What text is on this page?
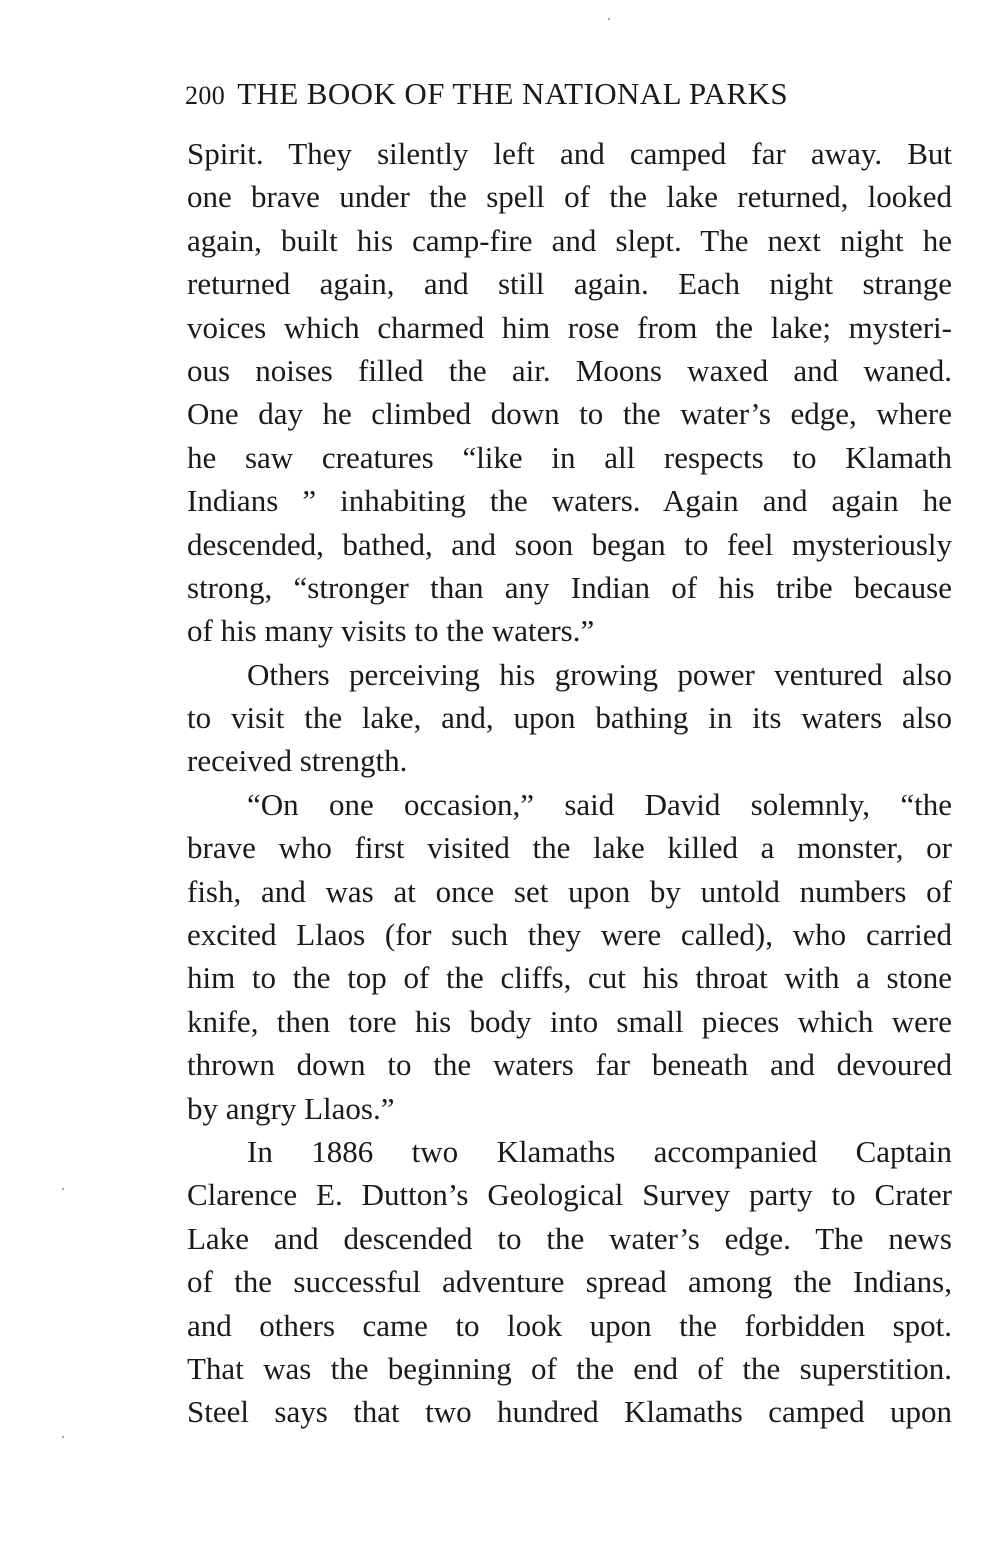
200 THE BOOK OF THE NATIONAL PARKS
Spirit. They silently left and camped far away. But
one brave under the spell of the lake returned, looked
again, built his camp-fire and slept. The next night he
returned again, and still again. Each night strange
voices which charmed him rose from the lake; mysteri-
ous noises filled the air. Moons waxed and waned.
One day he climbed down to the water’s edge, where
he saw creatures “like in all respects to Klamath
Indians ” inhabiting the waters. Again and again he
descended, bathed, and soon began to feel mysteriously
strong, “stronger than any Indian of his tribe because
of his many visits to the waters.”
Others perceiving his growing power ventured also
to visit the lake, and, upon bathing in its waters also
received strength.
“On one occasion,” said David solemnly, “the
brave who first visited the lake killed a monster, or
fish, and was at once set upon by untold numbers of
excited Llaos (for such they were called), who carried
him to the top of the cliffs, cut his throat with a stone
knife, then tore his body into small pieces which were
thrown down to the waters far beneath and devoured
by angry Llaos.”
In 1886 two Klamaths accompanied Captain
Clarence E. Dutton’s Geological Survey party to Crater
Lake and descended to the water’s edge. The news
of the successful adventure spread among the Indians,
and others came to look upon the forbidden spot.
That was the beginning of the end of the superstition.
Steel says that two hundred Klamaths camped upon
